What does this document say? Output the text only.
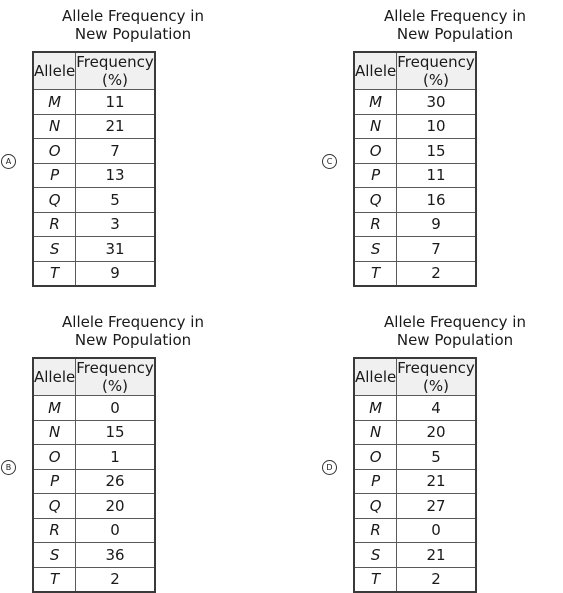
Allele Frequency in
New Population
A
Allele	Frequency (%)
M	11
N	21
O	7
P	13
Q	5
R	3
S	31
T	9
Allele Frequency in
New Population
C
Allele	Frequency (%)
M	30
N	10
O	15
P	11
Q	16
R	9
S	7
T	2
Allele Frequency in
New Population
B
Allele	Frequency (%)
M	0
N	15
O	1
P	26
Q	20
R	0
S	36
T	2
Allele Frequency in
New Population
D
Allele	Frequency (%)
M	4
N	20
O	5
P	21
Q	27
R	0
S	21
T	2
